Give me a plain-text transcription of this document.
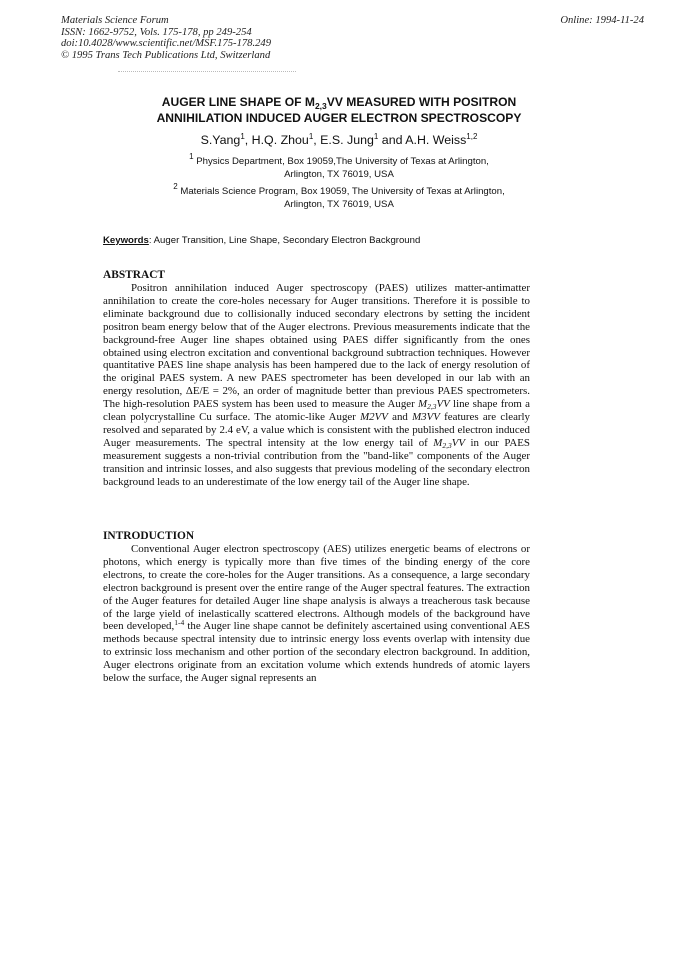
Materials Science Forum
ISSN: 1662-9752, Vols. 175-178, pp 249-254
doi:10.4028/www.scientific.net/MSF.175-178.249
© 1995 Trans Tech Publications Ltd, Switzerland
Online: 1994-11-24
AUGER LINE SHAPE OF $M_{2,3}VV$ MEASURED WITH POSITRON
ANNIHILATION INDUCED AUGER ELECTRON SPECTROSCOPY
S.Yang$^1$, H.Q. Zhou$^1$, E.S. Jung$^1$ and A.H. Weiss$^{1,2}$
$^1$ Physics Department, Box 19059,The University of Texas at Arlington,
Arlington, TX 76019, USA
$^2$ Materials Science Program, Box 19059, The University of Texas at Arlington,
Arlington, TX 76019, USA
Keywords: Auger Transition, Line Shape, Secondary Electron Background
ABSTRACT

Positron annihilation induced Auger spectroscopy (PAES) utilizes matter-antimatter annihilation to create the core-holes necessary for Auger transitions. Therefore it is possible to eliminate background due to collisionally induced secondary electrons by setting the incident positron beam energy below that of the Auger electrons. Previous measurements indicate that the background-free Auger line shapes obtained using PAES differ significantly from the ones obtained using electron excitation and conventional background subtraction techniques. However quantitative PAES line shape analysis has been hampered due to the lack of energy resolution of the original PAES system. A new PAES spectrometer has been developed in our lab with an energy resolution, ΔE/E = 2%, an order of magnitude better than previous PAES spectrometers. The high-resolution PAES system has been used to measure the Auger $M_{2,3}VV$ line shape from a clean polycrystalline Cu surface. The atomic-like Auger M2VV and M3VV features are clearly resolved and separated by 2.4 eV, a value which is consistent with the published electron induced Auger measurements. The spectral intensity at the low energy tail of $M_{2,3}VV$ in our PAES measurement suggests a non-trivial contribution from the "band-like" components of the Auger transition and intrinsic losses, and also suggests that previous modeling of the secondary electron background leads to an underestimate of the low energy tail of the Auger line shape.

INTRODUCTION

Conventional Auger electron spectroscopy (AES) utilizes energetic beams of electrons or photons, which energy is typically more than five times of the binding energy of the core electrons, to create the core-holes for the Auger transitions. As a consequence, a large secondary electron background is present over the entire range of the Auger spectral features. The extraction of the Auger features for detailed Auger line shape analysis is always a treacherous task because of the large yield of inelastically scattered electrons. Although models of the background have been developed,$^{1-4}$ the Auger line shape cannot be definitely ascertained using conventional AES methods because spectral intensity due to intrinsic energy loss events overlap with intensity due to extrinsic loss mechanism and other portion of the secondary electron background. In addition, Auger electrons originate from an excitation volume which extends hundreds of atomic layers below the surface, the Auger signal represents an
